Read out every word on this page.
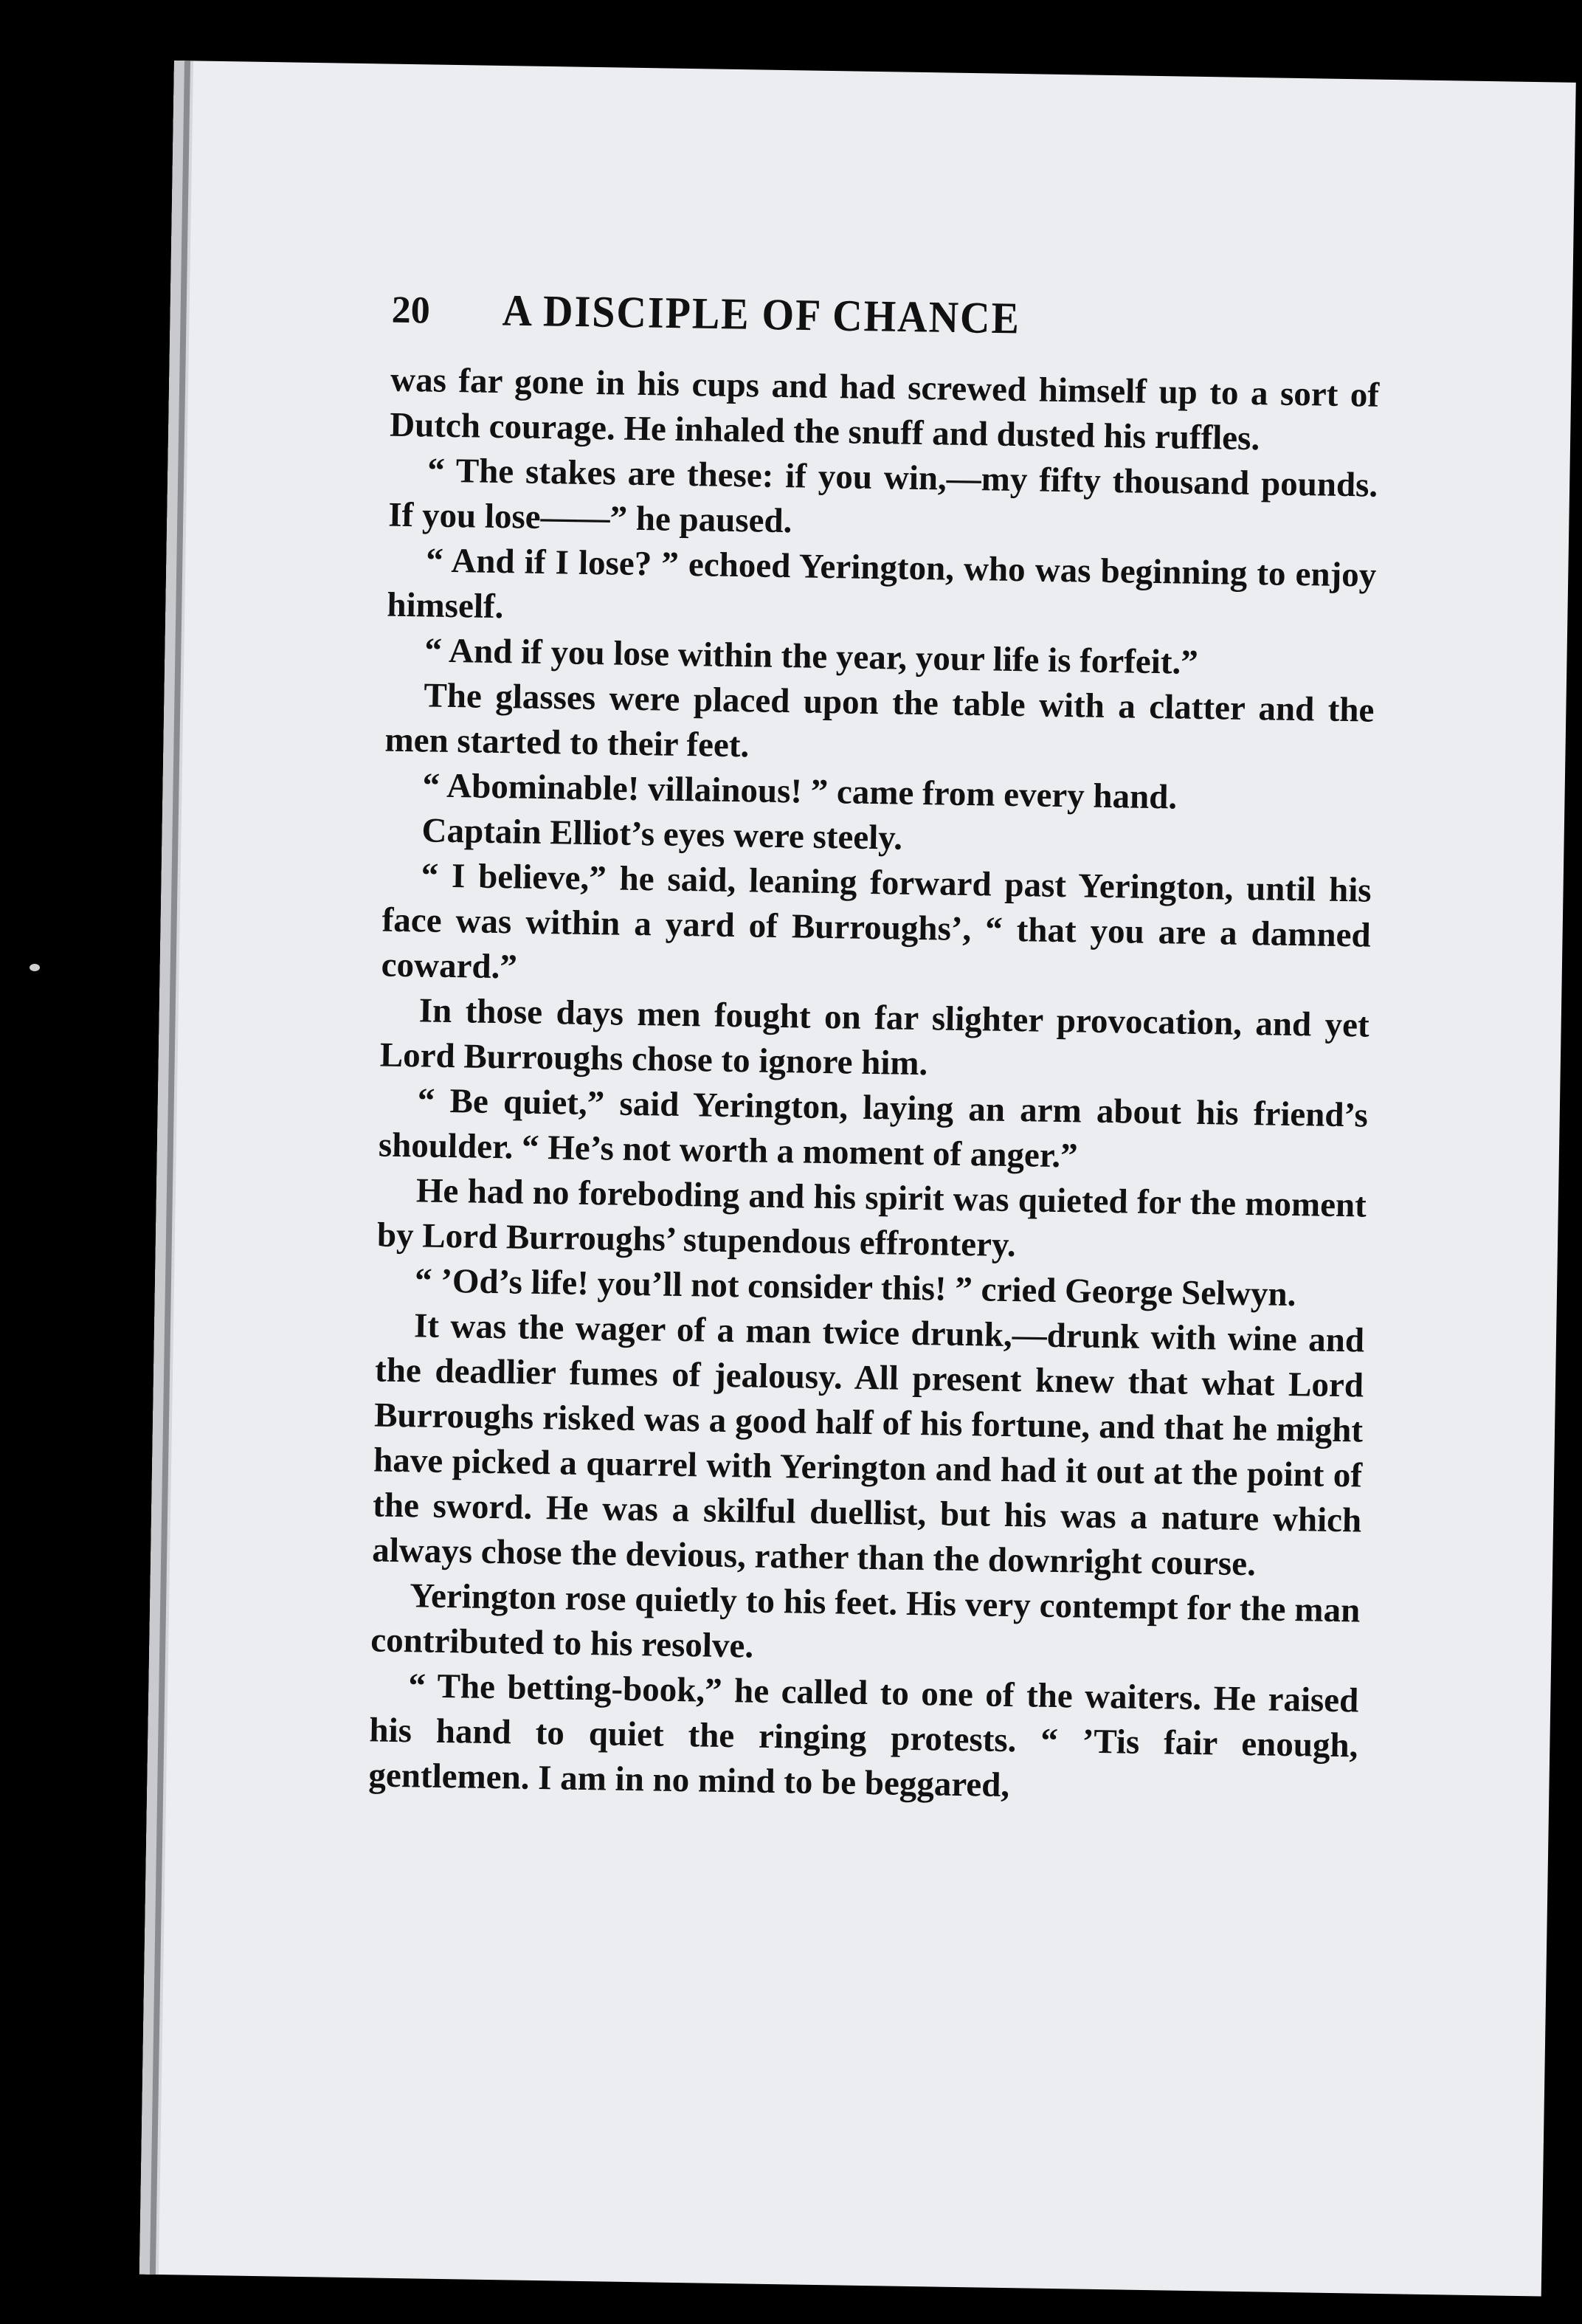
20	A DISCIPLE OF CHANCE

was far gone in his cups and had screwed himself up to a sort of Dutch courage. He inhaled the snuff and dusted his ruffles.

“ The stakes are these: if you win,—my fifty thousand pounds. If you lose——” he paused.

“ And if I lose? ” echoed Yerington, who was beginning to enjoy himself.

“ And if you lose within the year, your life is forfeit.”

The glasses were placed upon the table with a clatter and the men started to their feet.

“ Abominable! villainous! ” came from every hand.

Captain Elliot’s eyes were steely.

“ I believe,” he said, leaning forward past Yerington, until his face was within a yard of Burroughs’, “ that you are a damned coward.”

In those days men fought on far slighter provocation, and yet Lord Burroughs chose to ignore him.

“ Be quiet,” said Yerington, laying an arm about his friend’s shoulder. “ He’s not worth a moment of anger.”

He had no foreboding and his spirit was quieted for the moment by Lord Burroughs’ stupendous effrontery.

“ ’Od’s life! you’ll not consider this! ” cried George Selwyn.

It was the wager of a man twice drunk,—drunk with wine and the deadlier fumes of jealousy. All present knew that what Lord Burroughs risked was a good half of his fortune, and that he might have picked a quarrel with Yerington and had it out at the point of the sword. He was a skilful duellist, but his was a nature which always chose the devious, rather than the downright course.

Yerington rose quietly to his feet. His very contempt for the man contributed to his resolve.

“ The betting-book,” he called to one of the waiters. He raised his hand to quiet the ringing protests. “ ’Tis fair enough, gentlemen. I am in no mind to be beggared,
